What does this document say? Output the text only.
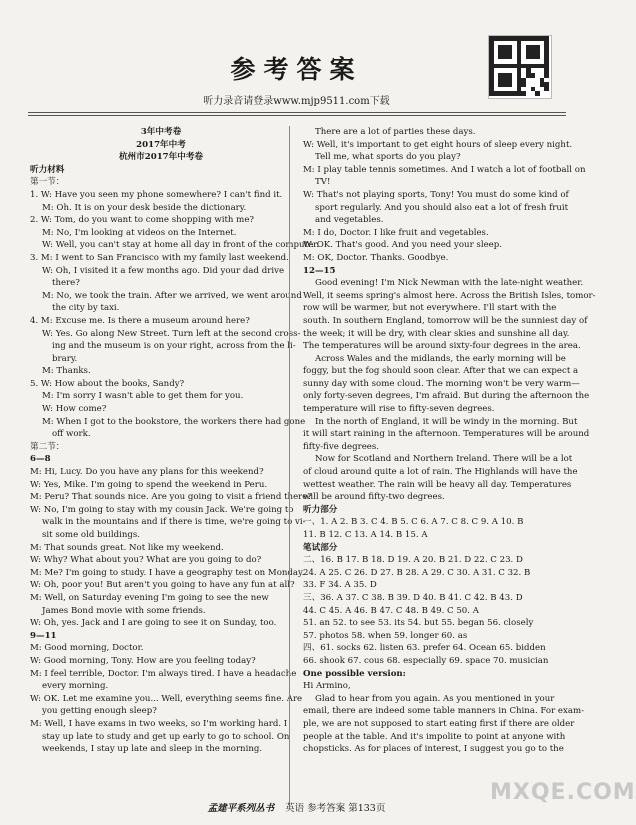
参考答案
听力录音请登录www.mjp9511.com下载
3年中考卷
2017年中考
杭州市2017年中考卷
听力材料
第一节：
1. W: Have you seen my phone somewhere? I can't find it.
M: Oh. It is on your desk beside the dictionary.
2. W: Tom, do you want to come shopping with me?
M: No, I'm looking at videos on the Internet.
W: Well, you can't stay at home all day in front of the computer.
3. M: I went to San Francisco with my family last weekend.
W: Oh, I visited it a few months ago. Did your dad drive
there?
M: No, we took the train. After we arrived, we went around
the city by taxi.
4. M: Excuse me. Is there a museum around here?
W: Yes. Go along New Street. Turn left at the second cross-
ing and the museum is on your right, across from the li-
brary.
M: Thanks.
5. W: How about the books, Sandy?
M: I'm sorry I wasn't able to get them for you.
W: How come?
M: When I got to the bookstore, the workers there had gone
off work.
第二节：
6—8
M: Hi, Lucy. Do you have any plans for this weekend?
W: Yes, Mike. I'm going to spend the weekend in Peru.
M: Peru? That sounds nice. Are you going to visit a friend there?
W: No, I'm going to stay with my cousin Jack. We're going to
walk in the mountains and if there is time, we're going to vi-
sit some old buildings.
M: That sounds great. Not like my weekend.
W: Why? What about you? What are you going to do?
M: Me? I'm going to study. I have a geography test on Monday.
W: Oh, poor you! But aren't you going to have any fun at all?
M: Well, on Saturday evening I'm going to see the new
James Bond movie with some friends.
W: Oh, yes. Jack and I are going to see it on Sunday, too.
9—11
M: Good morning, Doctor.
W: Good morning, Tony. How are you feeling today?
M: I feel terrible, Doctor. I'm always tired. I have a headache
every morning.
W: OK. Let me examine you... Well, everything seems fine. Are
you getting enough sleep?
M: Well, I have exams in two weeks, so I'm working hard. I
stay up late to study and get up early to go to school. On
weekends, I stay up late and sleep in the morning.
There are a lot of parties these days.
W: Well, it's important to get eight hours of sleep every night.
Tell me, what sports do you play?
M: I play table tennis sometimes. And I watch a lot of football on
TV!
W: That's not playing sports, Tony! You must do some kind of
sport regularly. And you should also eat a lot of fresh fruit
and vegetables.
M: I do, Doctor. I like fruit and vegetables.
W: OK. That's good. And you need your sleep.
M: OK, Doctor. Thanks. Goodbye.
12—15
Good evening! I'm Nick Newman with the late-night weather.
Well, it seems spring's almost here. Across the British Isles, tomor-
row will be warmer, but not everywhere. I'll start with the
south. In southern England, tomorrow will be the sunniest day of
the week; it will be dry, with clear skies and sunshine all day.
The temperatures will be around sixty-four degrees in the area.
Across Wales and the midlands, the early morning will be
foggy, but the fog should soon clear. After that we can expect a
sunny day with some cloud. The morning won't be very warm—
only forty-seven degrees, I'm afraid. But during the afternoon the
temperature will rise to fifty-seven degrees.
In the north of England, it will be windy in the morning. But
it will start raining in the afternoon. Temperatures will be around
fifty-five degrees.
Now for Scotland and Northern Ireland. There will be a lot
of cloud around quite a lot of rain. The Highlands will have the
wettest weather. The rain will be heavy all day. Temperatures
will be around fifty-two degrees.
听力部分
一、1. A 2. B 3. C 4. B 5. C 6. A 7. C 8. C 9. A 10. B
11. B 12. C 13. A 14. B 15. A
笔试部分
二、16. B 17. B 18. D 19. A 20. B 21. D 22. C 23. D
24. A 25. C 26. D 27. B 28. A 29. C 30. A 31. C 32. B
33. F 34. A 35. D
三、36. A 37. C 38. B 39. D 40. B 41. C 42. B 43. D
44. C 45. A 46. B 47. C 48. B 49. C 50. A
51. an 52. to see 53. its 54. but 55. began 56. closely
57. photos 58. when 59. longer 60. as
四、61. socks 62. listen 63. prefer 64. Ocean 65. bidden
66. shook 67. cous 68. especially 69. space 70. musician
One possible version:
Hi Armino,
Glad to hear from you again. As you mentioned in your
email, there are indeed some table manners in China. For exam-
ple, we are not supposed to start eating first if there are older
people at the table. And it's impolite to point at anyone with
chopsticks. As for places of interest, I suggest you go to the
孟建平系列丛书 英语 参考答案 第133页
MXQE.COM
